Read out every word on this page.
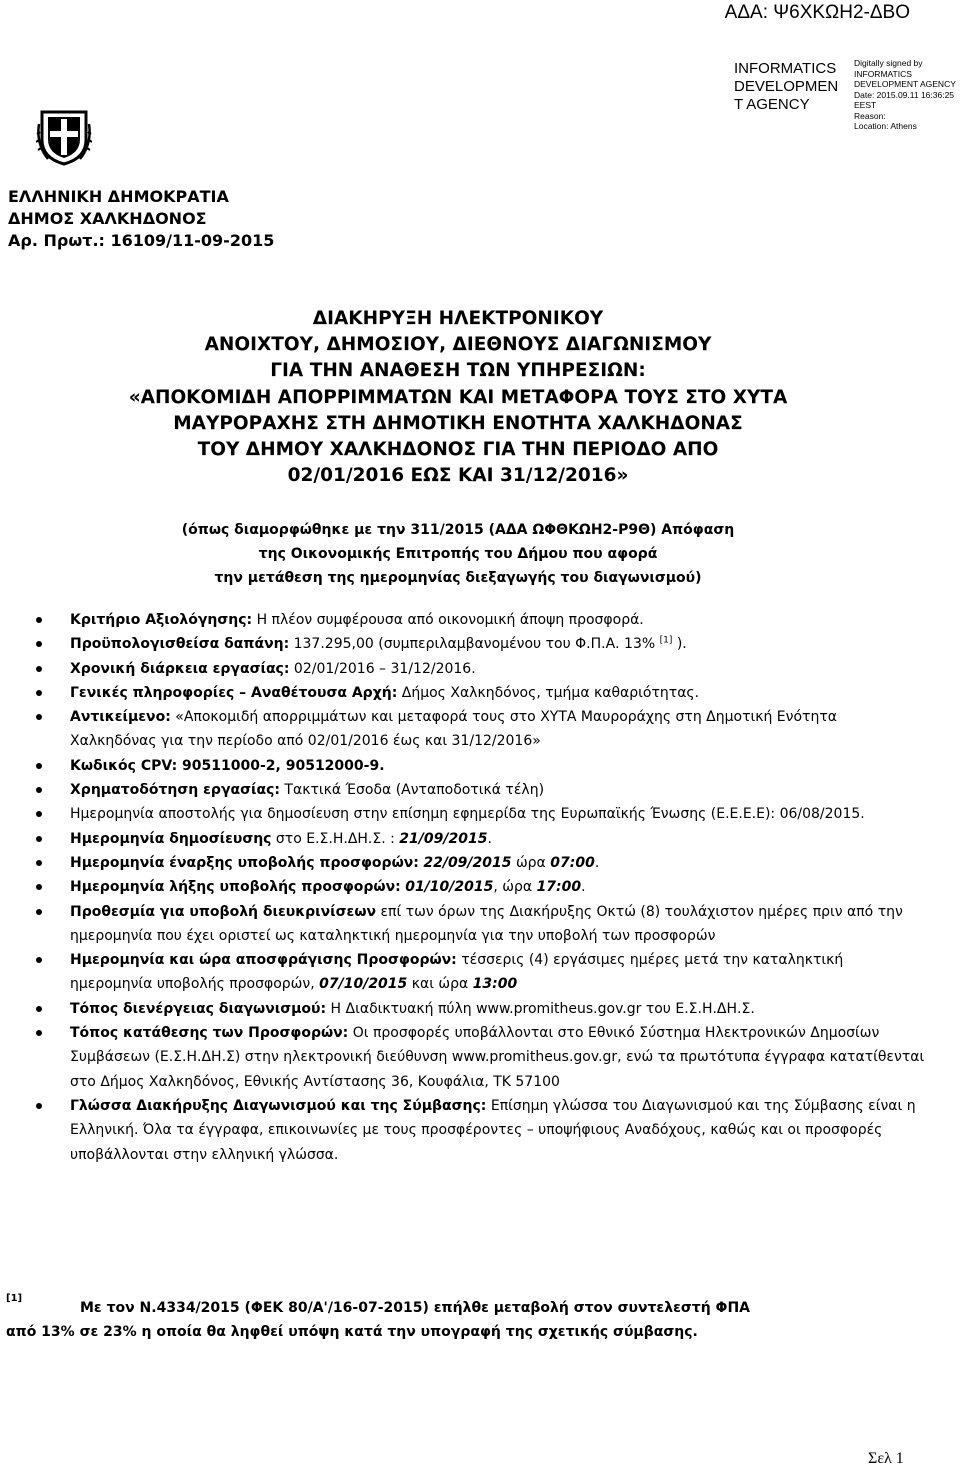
ΑΔΑ: Ψ6ΧΚΩΗ2-ΔΒΟ
INFORMATICS
DEVELOPMEN
T AGENCY
Digitally signed by
INFORMATICS
DEVELOPMENT AGENCY
Date: 2015.09.11 16:36:25
EEST
Reason:
Location: Athens
ΕΛΛΗΝΙΚΗ ΔΗΜΟΚΡΑΤΙΑ
ΔΗΜΟΣ ΧΑΛΚΗΔΟΝΟΣ
Αρ. Πρωτ.: 16109/11-09-2015
ΔΙΑΚΗΡΥΞΗ ΗΛΕΚΤΡΟΝΙΚΟΥ
ΑΝΟΙΧΤΟΥ, ΔΗΜΟΣΙΟΥ, ΔΙΕΘΝΟΥΣ ΔΙΑΓΩΝΙΣΜΟΥ
ΓΙΑ ΤΗΝ ΑΝΑΘΕΣΗ ΤΩΝ ΥΠΗΡΕΣΙΩΝ:
«ΑΠΟΚΟΜΙΔΗ ΑΠΟΡΡΙΜΜΑΤΩΝ ΚΑΙ ΜΕΤΑΦΟΡΑ ΤΟΥΣ ΣΤΟ ΧΥΤΑ
ΜΑΥΡΟΡΑΧΗΣ ΣΤΗ ΔΗΜΟΤΙΚΗ ΕΝΟΤΗΤΑ ΧΑΛΚΗΔΟΝΑΣ
ΤΟΥ ΔΗΜΟΥ ΧΑΛΚΗΔΟΝΟΣ ΓΙΑ ΤΗΝ ΠΕΡΙΟΔΟ ΑΠΟ
02/01/2016 ΕΩΣ ΚΑΙ 31/12/2016»
(όπως διαμορφώθηκε με την 311/2015 (ΑΔΑ ΩΦΘΚΩΗ2-Ρ9Θ) Απόφαση
της Οικονομικής Επιτροπής του Δήμου που αφορά
την μετάθεση της ημερομηνίας διεξαγωγής του διαγωνισμού)
Κριτήριο Αξιολόγησης: Η πλέον συμφέρουσα από οικονομική άποψη προσφορά.
Προϋπολογισθείσα δαπάνη: 137.295,00 (συμπεριλαμβανομένου του Φ.Π.Α. 13% [1] ).
Χρονική διάρκεια εργασίας: 02/01/2016 – 31/12/2016.
Γενικές πληροφορίες – Αναθέτουσα Αρχή: Δήμος Χαλκηδόνος, τμήμα καθαριότητας.
Αντικείμενο: «Αποκομιδή απορριμμάτων και μεταφορά τους στο ΧΥΤΑ Μαυροράχης στη Δημοτική Ενότητα Χαλκηδόνας για την περίοδο από 02/01/2016 έως και 31/12/2016»
Κωδικός CPV: 90511000-2, 90512000-9.
Χρηματοδότηση εργασίας: Τακτικά Έσοδα (Ανταποδοτικά τέλη)
Ημερομηνία αποστολής για δημοσίευση στην επίσημη εφημερίδα της Ευρωπαϊκής Ένωσης (Ε.Ε.Ε.Ε): 06/08/2015.
Ημερομηνία δημοσίευσης στο Ε.Σ.Η.ΔΗ.Σ. : 21/09/2015.
Ημερομηνία έναρξης υποβολής προσφορών: 22/09/2015 ώρα 07:00.
Ημερομηνία λήξης υποβολής προσφορών: 01/10/2015, ώρα 17:00.
Προθεσμία για υποβολή διευκρινίσεων επί των όρων της Διακήρυξης Οκτώ (8) τουλάχιστον ημέρες πριν από την ημερομηνία που έχει οριστεί ως καταληκτική ημερομηνία για την υποβολή των προσφορών
Ημερομηνία και ώρα αποσφράγισης Προσφορών: τέσσερις (4) εργάσιμες ημέρες μετά την καταληκτική ημερομηνία υποβολής προσφορών, 07/10/2015 και ώρα 13:00
Τόπος διενέργειας διαγωνισμού: Η Διαδικτυακή πύλη www.promitheus.gov.gr του Ε.Σ.Η.ΔΗ.Σ.
Τόπος κατάθεσης των Προσφορών: Οι προσφορές υποβάλλονται στο Εθνικό Σύστημα Ηλεκτρονικών Δημοσίων Συμβάσεων (Ε.Σ.Η.ΔΗ.Σ) στην ηλεκτρονική διεύθυνση www.promitheus.gov.gr, ενώ τα πρωτότυπα έγγραφα κατατίθενται στο Δήμος Χαλκηδόνος, Εθνικής Αντίστασης 36, Κουφάλια, ΤΚ 57100
Γλώσσα Διακήρυξης Διαγωνισμού και της Σύμβασης: Επίσημη γλώσσα του Διαγωνισμού και της Σύμβασης είναι η Ελληνική. Όλα τα έγγραφα, επικοινωνίες με τους προσφέροντες – υποψήφιους Αναδόχους, καθώς και οι προσφορές υποβάλλονται στην ελληνική γλώσσα.
[1]
Με τον Ν.4334/2015 (ΦΕΚ 80/Α'/16-07-2015) επήλθε μεταβολή στον συντελεστή ΦΠΑ
από 13% σε 23% η οποία θα ληφθεί υπόψη κατά την υπογραφή της σχετικής σύμβασης.
Σελ 1
